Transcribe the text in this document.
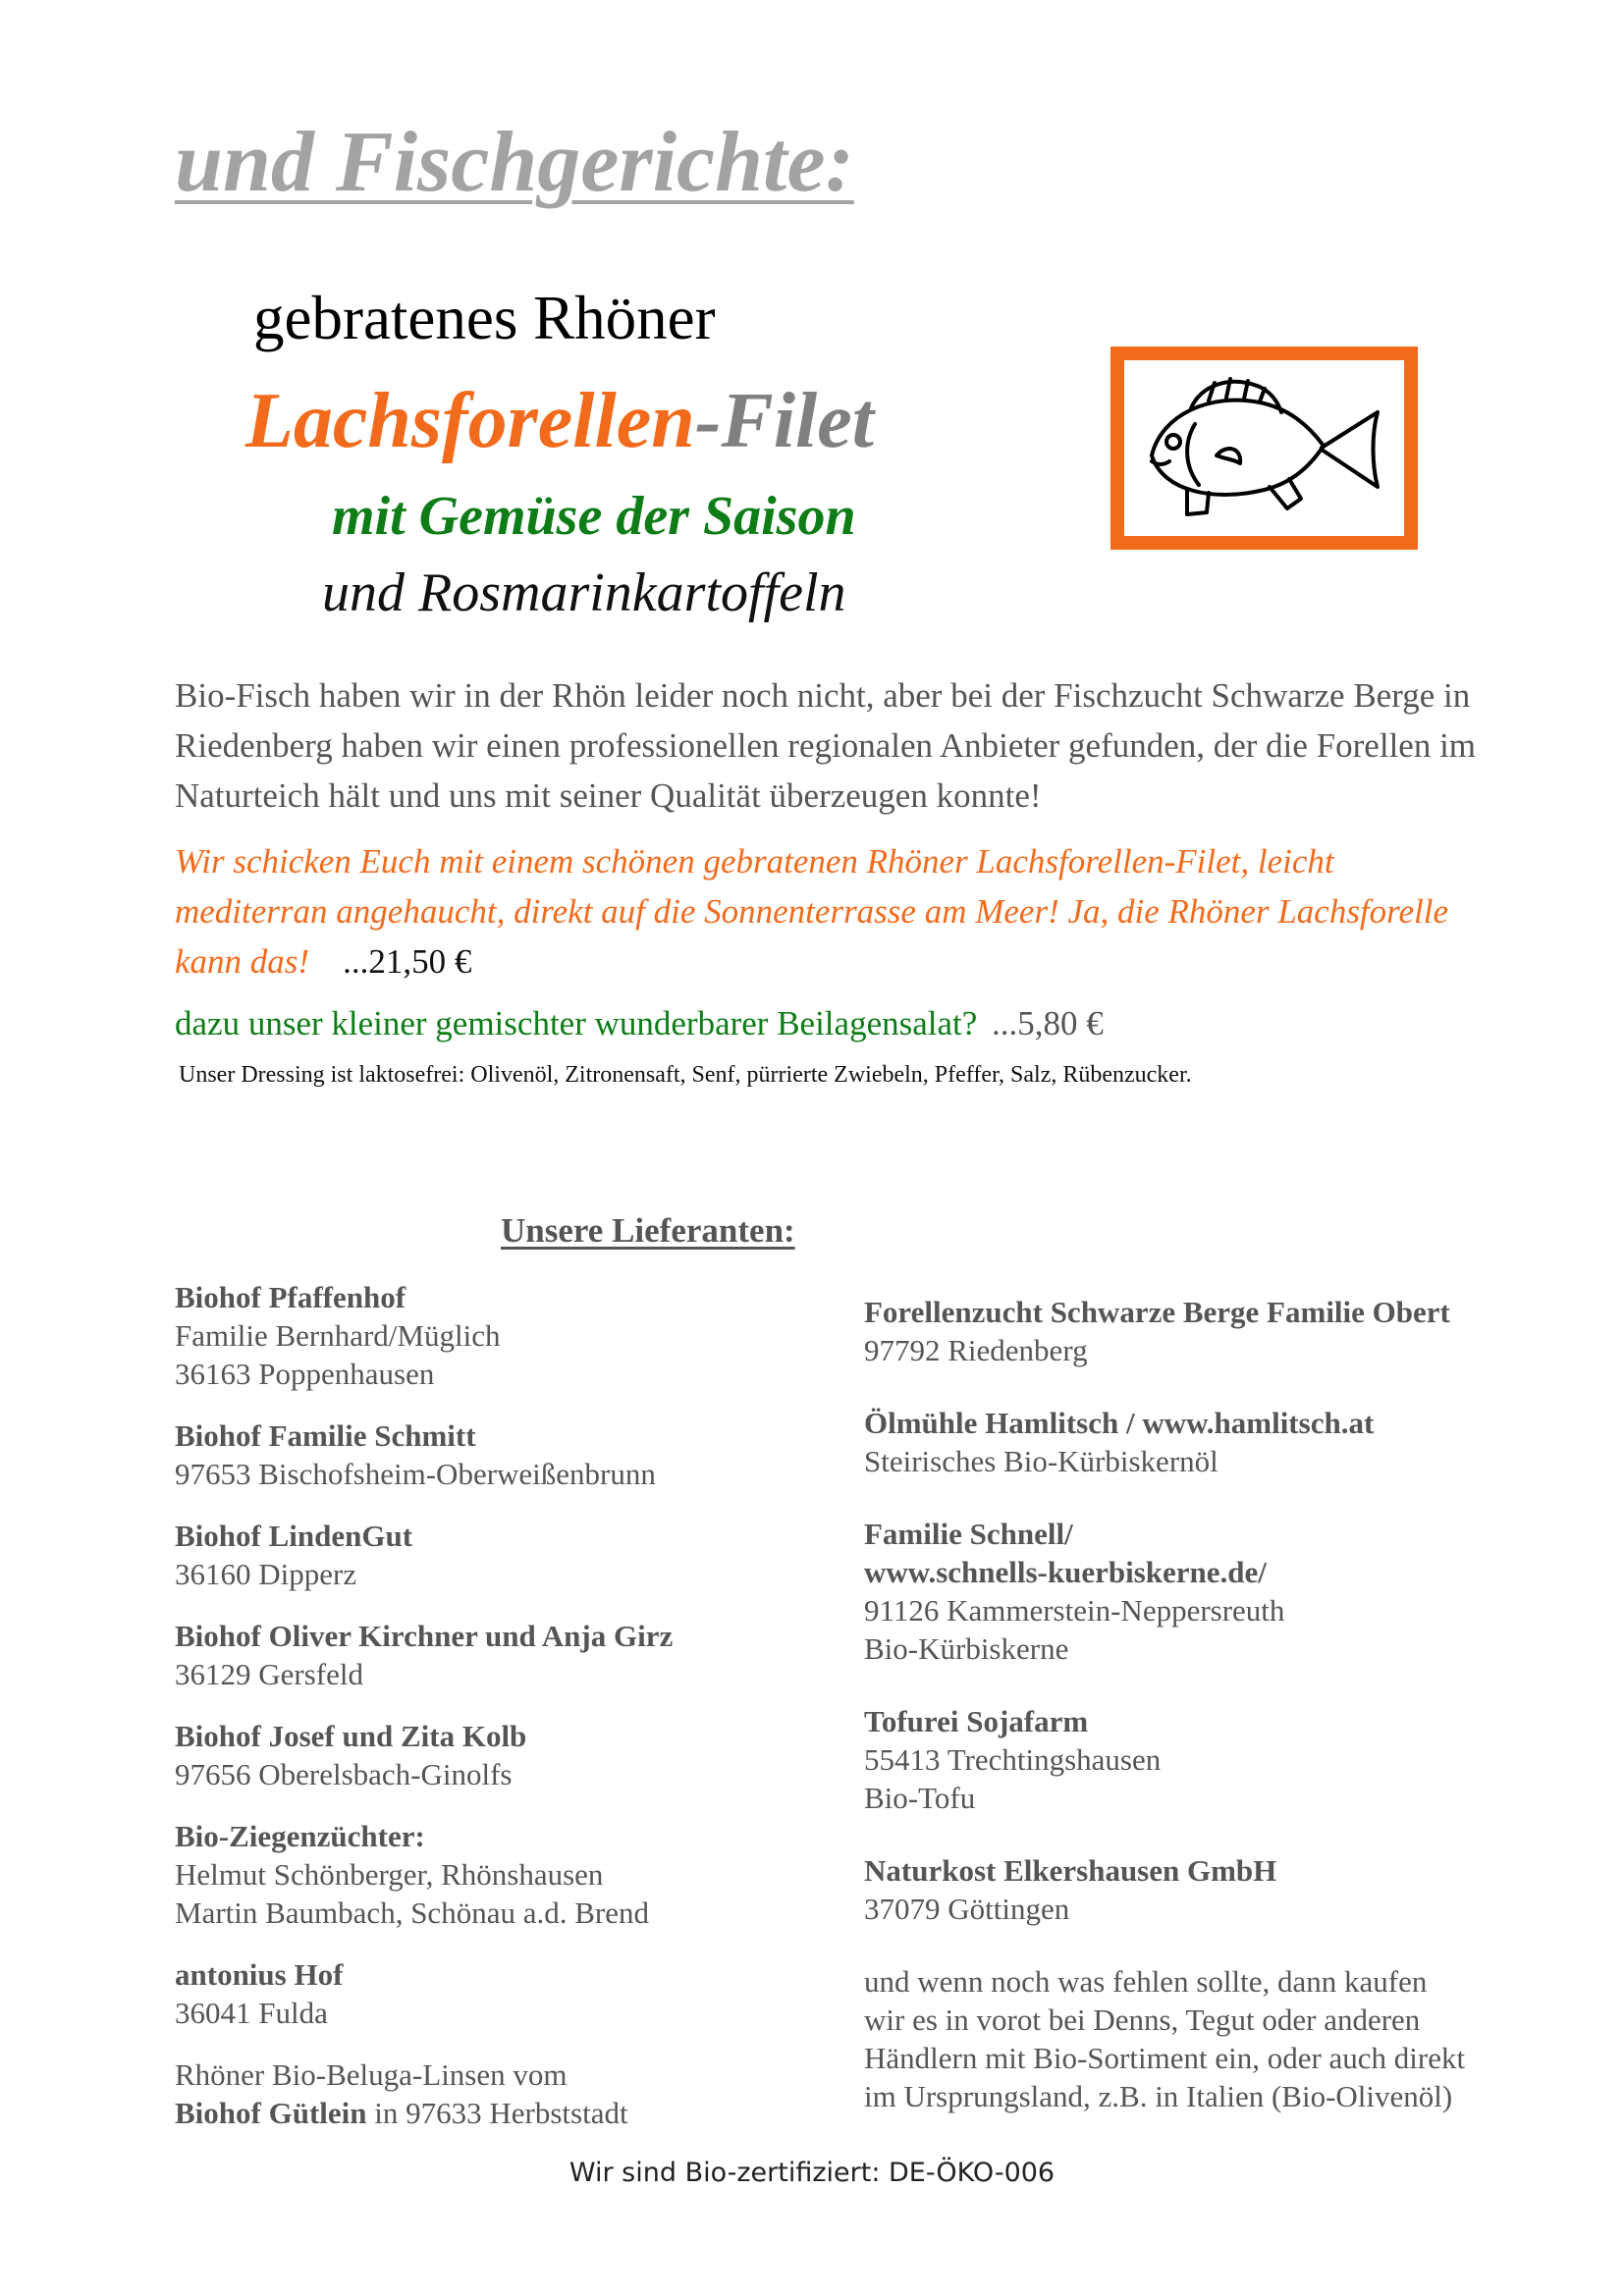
und Fischgerichte:
gebratenes Rhöner
Lachsforellen-Filet
mit Gemüse der Saison
und Rosmarinkartoffeln
Bio-Fisch haben wir in der Rhön leider noch nicht, aber bei der Fischzucht Schwarze Berge in Riedenberg haben wir einen professionellen regionalen Anbieter gefunden, der die Forellen im Naturteich hält und uns mit seiner Qualität überzeugen konnte!
Wir schicken Euch mit einem schönen gebratenen Rhöner Lachsforellen-Filet, leicht mediterran angehaucht, direkt auf die Sonnenterrasse am Meer! Ja, die Rhöner Lachsforelle kann das! ...21,50 €
dazu unser kleiner gemischter wunderbarer Beilagensalat? ...5,80 €
Unser Dressing ist laktosefrei: Olivenöl, Zitronensaft, Senf, pürrierte Zwiebeln, Pfeffer, Salz, Rübenzucker.
Unsere Lieferanten:
Biohof Pfaffenhof
Familie Bernhard/Müglich
36163 Poppenhausen
Biohof Familie Schmitt
97653 Bischofsheim-Oberweißenbrunn
Biohof LindenGut
36160 Dipperz
Biohof Oliver Kirchner und Anja Girz
36129 Gersfeld
Biohof Josef und Zita Kolb
97656 Oberelsbach-Ginolfs
Bio-Ziegenzüchter:
Helmut Schönberger, Rhönshausen
Martin Baumbach, Schönau a.d. Brend
antonius Hof
36041 Fulda
Rhöner Bio-Beluga-Linsen vom
Biohof Gütlein in 97633 Herbststadt
Forellenzucht Schwarze Berge Familie Obert
97792 Riedenberg
Ölmühle Hamlitsch / www.hamlitsch.at
Steirisches Bio-Kürbiskernöl
Familie Schnell/
www.schnells-kuerbiskerne.de/
91126 Kammerstein-Neppersreuth
Bio-Kürbiskerne
Tofurei Sojafarm
55413 Trechtingshausen
Bio-Tofu
Naturkost Elkershausen GmbH
37079 Göttingen
und wenn noch was fehlen sollte, dann kaufen
wir es in vorot bei Denns, Tegut oder anderen
Händlern mit Bio-Sortiment ein, oder auch direkt
im Ursprungsland, z.B. in Italien (Bio-Olivenöl)
Wir sind Bio-zertifiziert: DE-ÖKO-006
